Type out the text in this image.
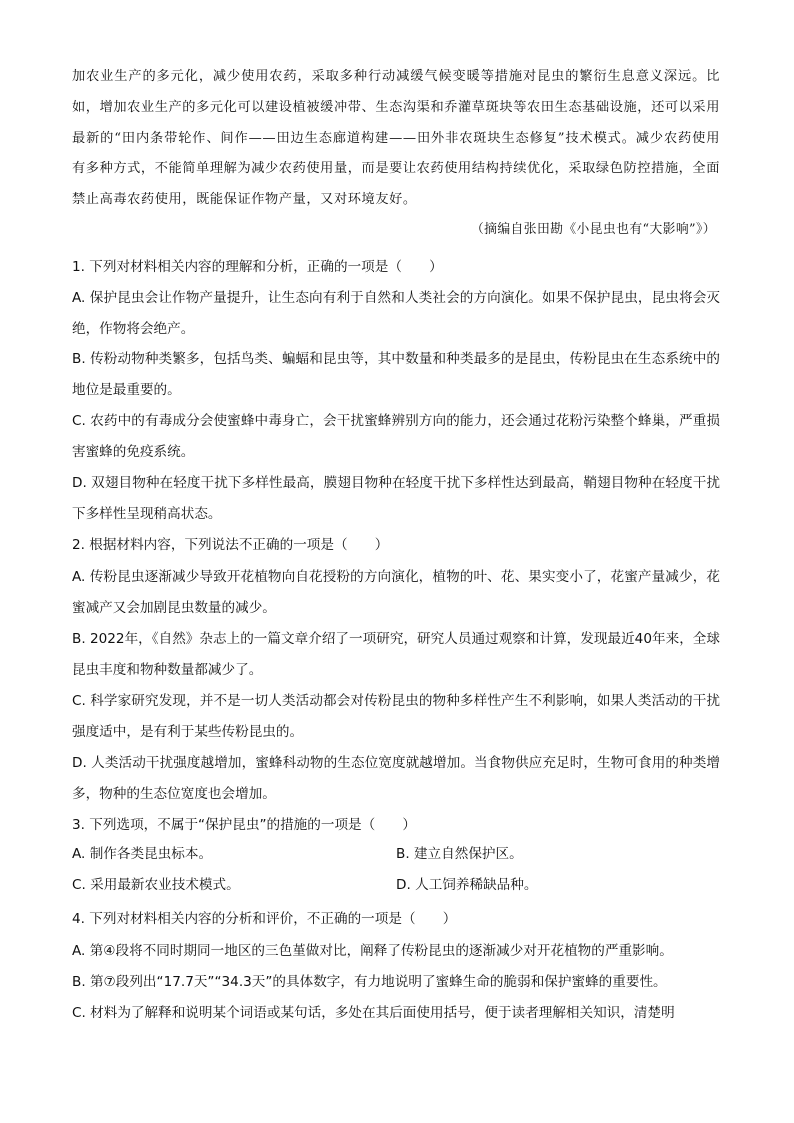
加农业生产的多元化，减少使用农药，采取多种行动减缓气候变暖等措施对昆虫的繁衍生息意义深远。比如，增加农业生产的多元化可以建设植被缓冲带、生态沟渠和乔灌草斑块等农田生态基础设施，还可以采用最新的“田内条带轮作、间作——田边生态廊道构建——田外非农斑块生态修复”技术模式。减少农药使用有多种方式，不能简单理解为减少农药使用量，而是要让农药使用结构持续优化，采取绿色防控措施，全面禁止高毒农药使用，既能保证作物产量，又对环境友好。
（摘编自张田勘《小昆虫也有“大影响”》）
1. 下列对材料相关内容的理解和分析，正确的一项是（　　）
A. 保护昆虫会让作物产量提升，让生态向有利于自然和人类社会的方向演化。如果不保护昆虫，昆虫将会灭绝，作物将会绝产。
B. 传粉动物种类繁多，包括鸟类、蝙蝠和昆虫等，其中数量和种类最多的是昆虫，传粉昆虫在生态系统中的地位是最重要的。
C. 农药中的有毒成分会使蜜蜂中毒身亡，会干扰蜜蜂辨别方向的能力，还会通过花粉污染整个蜂巢，严重损害蜜蜂的免疫系统。
D. 双翅目物种在轻度干扰下多样性最高，膜翅目物种在轻度干扰下多样性达到最高，鞘翅目物种在轻度干扰下多样性呈现稍高状态。
2. 根据材料内容，下列说法不正确的一项是（　　）
A. 传粉昆虫逐渐减少导致开花植物向自花授粉的方向演化，植物的叶、花、果实变小了，花蜜产量减少，花蜜减产又会加剧昆虫数量的减少。
B. 2022年，《自然》杂志上的一篇文章介绍了一项研究，研究人员通过观察和计算，发现最近40年来，全球昆虫丰度和物种数量都减少了。
C. 科学家研究发现，并不是一切人类活动都会对传粉昆虫的物种多样性产生不利影响，如果人类活动的干扰强度适中，是有利于某些传粉昆虫的。
D. 人类活动干扰强度越增加，蜜蜂科动物的生态位宽度就越增加。当食物供应充足时，生物可食用的种类增多，物种的生态位宽度也会增加。
3. 下列选项，不属于“保护昆虫”的措施的一项是（　　）
A. 制作各类昆虫标本。	B. 建立自然保护区。
C. 采用最新农业技术模式。	D. 人工饲养稀缺品种。
4. 下列对材料相关内容的分析和评价，不正确的一项是（　　）
A. 第④段将不同时期同一地区的三色堇做对比，阐释了传粉昆虫的逐渐减少对开花植物的严重影响。
B. 第⑦段列出“17.7天”“34.3天”的具体数字，有力地说明了蜜蜂生命的脆弱和保护蜜蜂的重要性。
C. 材料为了解释和说明某个词语或某句话，多处在其后面使用括号，便于读者理解相关知识，清楚明
